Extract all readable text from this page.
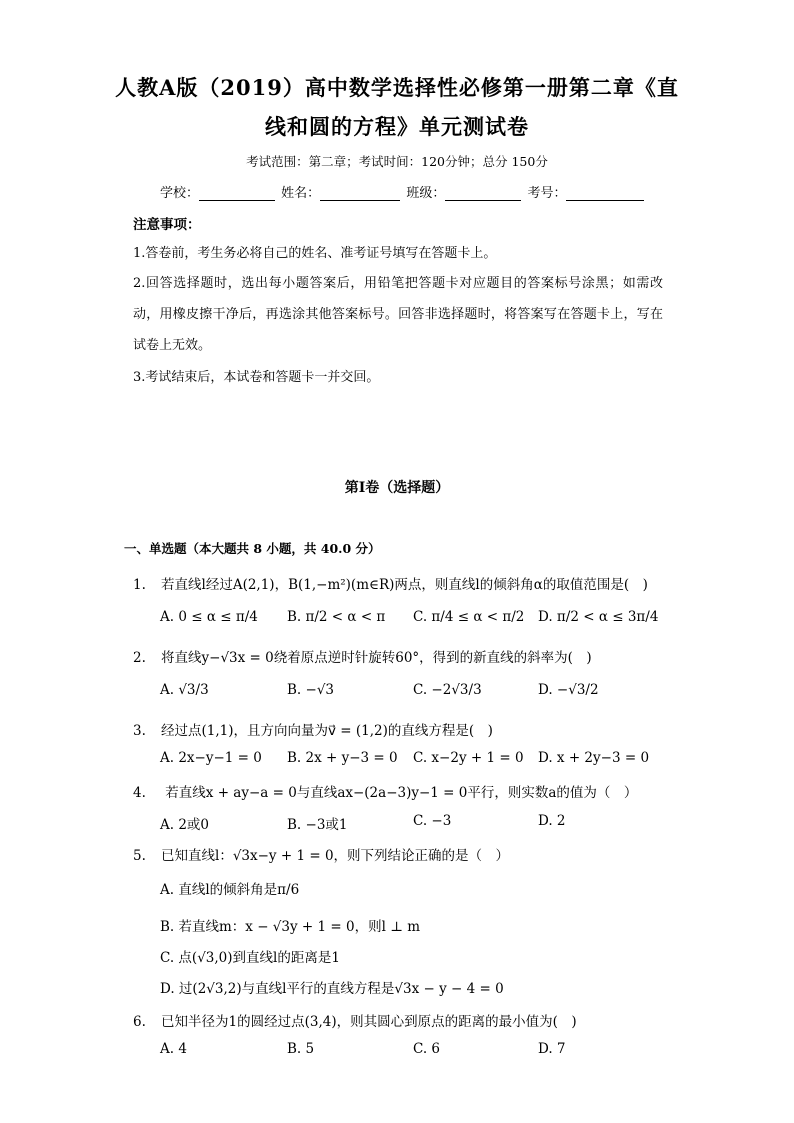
人教A版（2019）高中数学选择性必修第一册第二章《直
线和圆的方程》单元测试卷
考试范围：第二章；考试时间：120分钟；总分 150分
学校：	姓名：	班级：	考号：
注意事项：
1.答卷前，考生务必将自己的姓名、准考证号填写在答题卡上。
2.回答选择题时，选出每小题答案后，用铅笔把答题卡对应题目的答案标号涂黑；如需改动，用橡皮擦干净后，再选涂其他答案标号。回答非选择题时，将答案写在答题卡上，写在试卷上无效。
3.考试结束后，本试卷和答题卡一并交回。
第I卷（选择题）
一、单选题（本大题共 8 小题，共 40.0 分）
1. 若直线l经过A(2,1)，B(1,−m²)(m∈R)两点，则直线l的倾斜角α的取值范围是(　)
A. 0 ≤ α ≤ π/4 B. π/2 < α < π C. π/4 ≤ α < π/2 D. π/2 < α ≤ 3π/4
2. 将直线y−√3x = 0绕着原点逆时针旋转60°，得到的新直线的斜率为(　)
A. √3/3	B. −√3	C. −2√3/3	D. −√3/2
3. 经过点(1,1)，且方向向量为v⃗ = (1,2)的直线方程是(　)
A. 2x−y−1 = 0 B. 2x + y−3 = 0 C. x−2y + 1 = 0 D. x + 2y−3 = 0
4. 若直线x + ay−a = 0与直线ax−(2a−3)y−1 = 0平行，则实数a的值为（　）
A. 2或0	B. −3或1	C. −3	D. 2
5. 已知直线l：√3x−y + 1 = 0，则下列结论正确的是（　）
A. 直线l的倾斜角是π/6
B. 若直线m：x − √3y + 1 = 0，则l ⊥ m
C. 点(√3,0)到直线l的距离是1
D. 过(2√3,2)与直线l平行的直线方程是√3x − y − 4 = 0
6. 已知半径为1的圆经过点(3,4)，则其圆心到原点的距离的最小值为(　)
A. 4	B. 5	C. 6	D. 7
